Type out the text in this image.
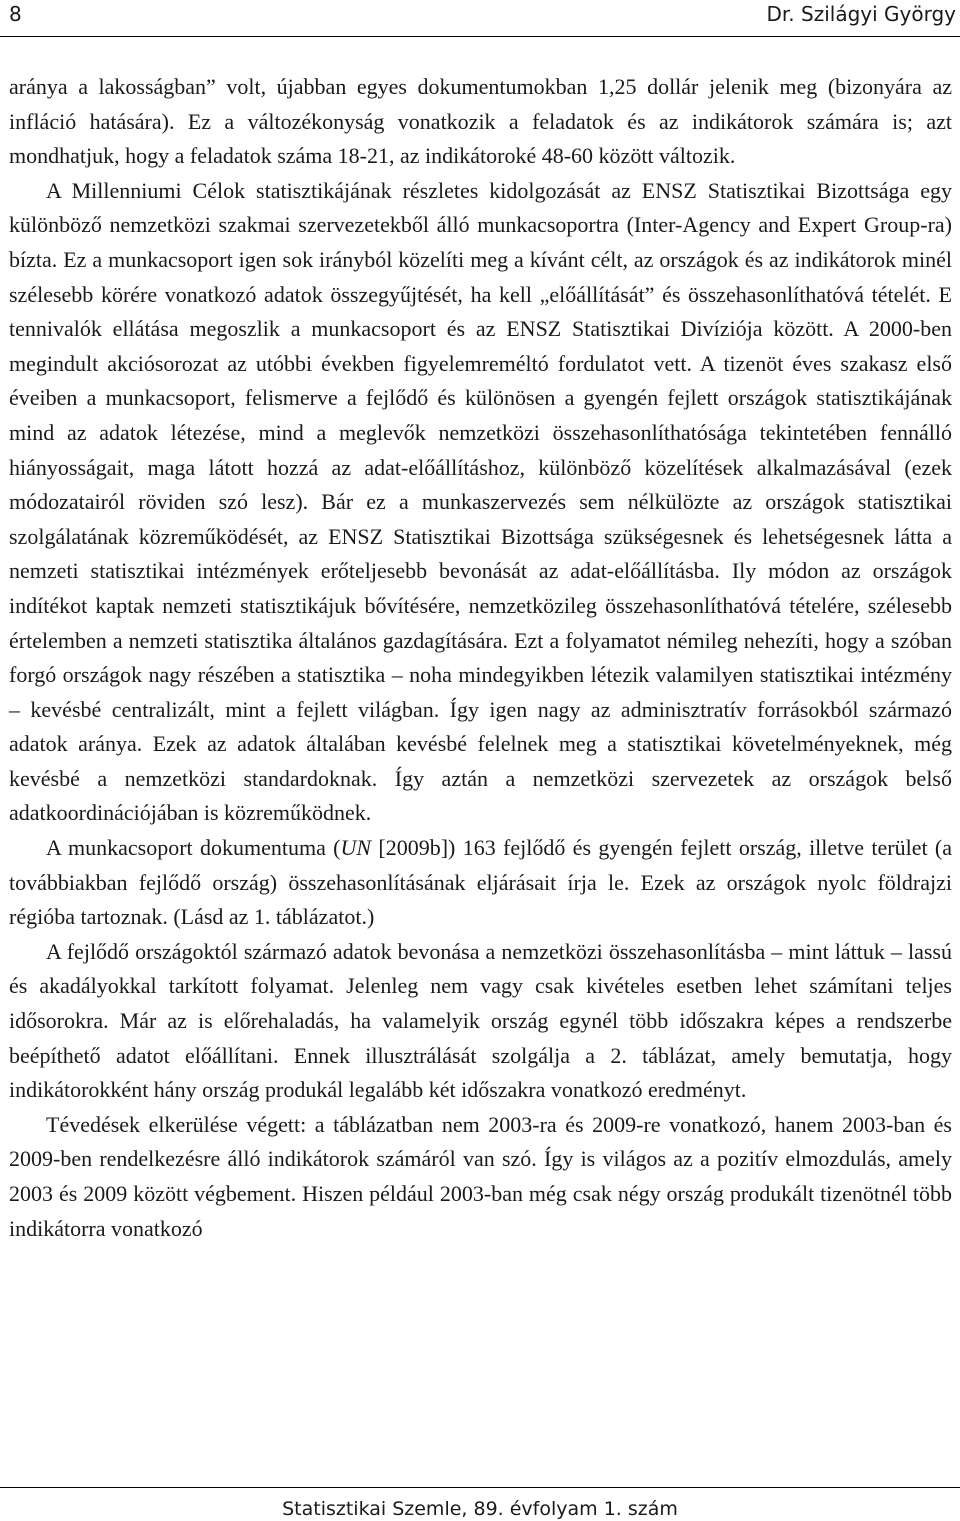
8	Dr. Szilágyi György

aránya a lakosságban” volt, újabban egyes dokumentumokban 1,25 dollár jelenik meg (bizonyára az infláció hatására). Ez a változékonyság vonatkozik a feladatok és az indikátorok számára is; azt mondhatjuk, hogy a feladatok száma 18-21, az indikátoroké 48-60 között változik.

A Millenniumi Célok statisztikájának részletes kidolgozását az ENSZ Statisztikai Bizottsága egy különböző nemzetközi szakmai szervezetekből álló munkacsoportra (Inter-Agency and Expert Group-ra) bízta. Ez a munkacsoport igen sok irányból közelíti meg a kívánt célt, az országok és az indikátorok minél szélesebb körére vonatkozó adatok összegyűjtését, ha kell „előállítását” és összehasonlíthatóvá tételét. E tennivalók ellátása megoszlik a munkacsoport és az ENSZ Statisztikai Divíziója között. A 2000-ben megindult akciósorozat az utóbbi években figyelemreméltó fordulatot vett. A tizenöt éves szakasz első éveiben a munkacsoport, felismerve a fejlődő és különösen a gyengén fejlett országok statisztikájának mind az adatok létezése, mind a meglevők nemzetközi összehasonlíthatósága tekintetében fennálló hiányosságait, maga látott hozzá az adat-előállításhoz, különböző közelítések alkalmazásával (ezek módozatairól röviden szó lesz). Bár ez a munkaszervezés sem nélkülözte az országok statisztikai szolgálatának közreműködését, az ENSZ Statisztikai Bizottsága szükségesnek és lehetségesnek látta a nemzeti statisztikai intézmények erőteljesebb bevonását az adat-előállításba. Ily módon az országok indítékot kaptak nemzeti statisztikájuk bővítésére, nemzetközileg összehasonlíthatóvá tételére, szélesebb értelemben a nemzeti statisztika általános gazdagítására. Ezt a folyamatot némileg nehezíti, hogy a szóban forgó országok nagy részében a statisztika – noha mindegyikben létezik valamilyen statisztikai intézmény – kevésbé centralizált, mint a fejlett világban. Így igen nagy az adminisztratív forrásokból származó adatok aránya. Ezek az adatok általában kevésbé felelnek meg a statisztikai követelményeknek, még kevésbé a nemzetközi standardoknak. Így aztán a nemzetközi szervezetek az országok belső adatkoordinációjában is közreműködnek.

A munkacsoport dokumentuma (UN [2009b]) 163 fejlődő és gyengén fejlett ország, illetve terület (a továbbiakban fejlődő ország) összehasonlításának eljárásait írja le. Ezek az országok nyolc földrajzi régióba tartoznak. (Lásd az 1. táblázatot.)

A fejlődő országoktól származó adatok bevonása a nemzetközi összehasonlításba – mint láttuk – lassú és akadályokkal tarkított folyamat. Jelenleg nem vagy csak kivételes esetben lehet számítani teljes idősorokra. Már az is előrehaladás, ha valamelyik ország egynél több időszakra képes a rendszerbe beépíthető adatot előállítani. Ennek illusztrálását szolgálja a 2. táblázat, amely bemutatja, hogy indikátorokként hány ország produkál legalább két időszakra vonatkozó eredményt.

Tévedések elkerülése végett: a táblázatban nem 2003-ra és 2009-re vonatkozó, hanem 2003-ban és 2009-ben rendelkezésre álló indikátorok számáról van szó. Így is világos az a pozitív elmozdulás, amely 2003 és 2009 között végbement. Hiszen például 2003-ban még csak négy ország produkált tizenötnél több indikátorra vonatkozó

Statisztikai Szemle, 89. évfolyam 1. szám
